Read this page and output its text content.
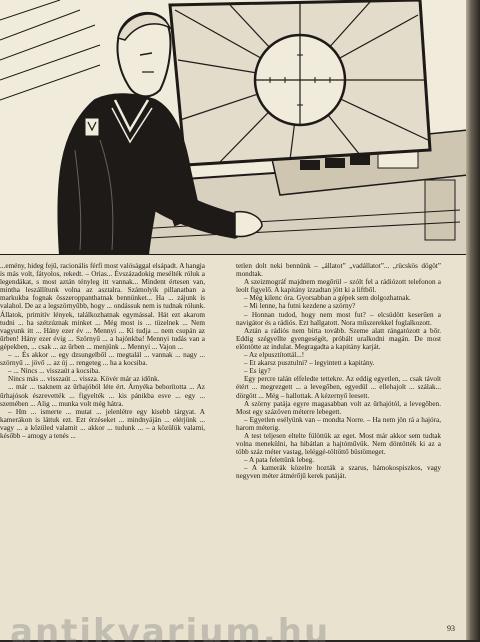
...emény, hideg fejű, racionális férfi most valósággal elsápadt. A hangja is más volt, fátyolos, rekedt. – Orias... Évszázadokig mesélték róluk a legendákat, s most aztán tényleg itt vannak... Mindent értesen van, mintha leszállítunk volna az asztalra. Számolyik pillanatban a markukba fognak összeroppanthatnak bennünket... Ha ... zájunk is valahol. De az a legszörnyűbb, hogy ... ondássuk nem is tudnak rólunk. Állatok, primitív lények, találkozhatnak egymással. Hát ezt akarom tudni ... ha szétzúznak minket ... Még most is ... tüzelnek ... Nem vagyunk itt ... Hány ezer év ... Mennyi ... Ki tudja ... nem csupán az űrben! Hány ezer évig ... Szörnyű ... a hajónkba! Mennyi tudás van a gépekben, ... csak ... az űrben ... menjünk ... Mennyi ... Vajon ...

– ... És akkor ... egy dzsungelből ... megtalál ... vannak ... nagy ... szörnyű ... jövő ... az új ... rengeteg ... ha a kocsiba.

– ... Nincs ... visszaút a kocsiba.

Nincs más ... visszaút ... vissza. Kövér már az időnk.

... már ... tsaknem az űrhajóból léte ért. Árnyéka beborította ... Az űrhajósok észrevették ... figyelték ... kis pánikba esve ... egy ... szemében ... Alig ... munka volt még hátra.

– Hm ... ismerte ... mutat ... jelenlétre egy kisebb tárgyat. A kamerákon is láttuk ezt. Ezt érzéseket ... mindnyáján ... elérjünk ... vagy ... a közüled valamit ... akkor ... tudunk ... – a közülük valami, később – amogy a tenés ...

tetlen dolt neki bennünk – „állatot” „vadállatot”... „rücskös dögöt” mondtak.

A szeizmográf majdnem megőrül – szólt fel a rádiózott telefonon a leolt figyelő. A kapitány izzadtan jött ki a liftből.

– Még kilenc óra. Gyorsabban a gépek sem dolgozhatnak.

– Mi lenne, ha futni kezdene a szörny?

– Honnan tudod, hogy nem most fut? – elcsüdött keserűen a navigátor és a rádiós. Ezt hallgatott. Nora műszerekkel foglalkozott.

Aztán a rádiós nem bírta tovább. Szeme alatt rángatózott a bőr. Eddig szégyellte gyengeségét, próbált uralkodni magán. De most elöntötte az indulat. Megragadta a kapitány karját.

– Az elpusztítottál...!

– Et akarsz pusztulni? – legyintett a kapitány.

– Es így?

Egy percre talán elfeledte tettekre. Az eddig egyetlen, ... csak távolt étért ... megrezgett ... a levegőben, egyedül ... ellehajolt ... szálak... dörgött ... Még – hallottak. A kézernyő leesett.

A szörny patája egyre magasabban volt az űrhajótól, a levegőben. Most egy százöven méterre lebegett.

– Egyetlen esélyünk van – mondta Norre. – Ha nem jön rá a hajóra, harom méterig.

A test teljesen eltelte fülöttük az eget. Most már akkor sem tudtak volna menekülni, ha hibátlan a hajtóművük. Nem döntötték ki az a több száz méter vastag, leléggé-töltöttő büstömeget.

– A pata felettünk lebeg.

– A kamerák közelre hozták a szarus, hámokospiszkos, vagy negyven méter átmérőjű kerek patáját.

93
antikvarium.hu
